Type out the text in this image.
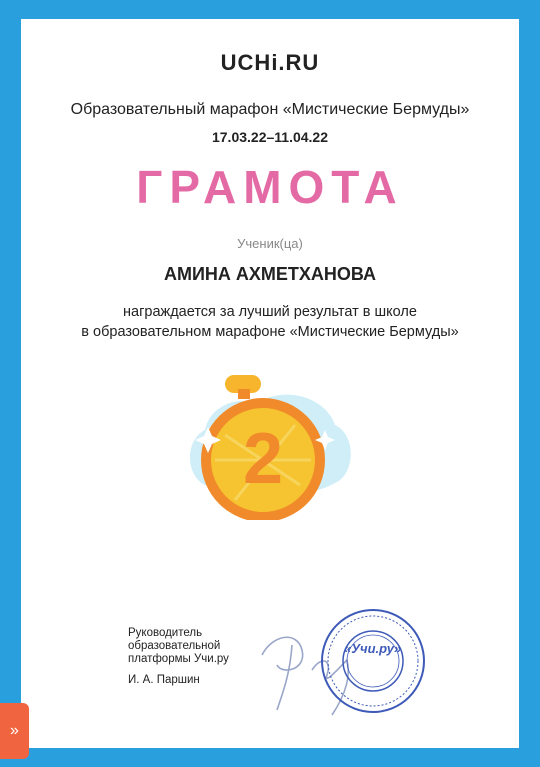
UCHi.RU
Образовательный марафон «Мистические Бермуды»
17.03.22–11.04.22
ГРАМОТА
Ученик(ца)
АМИНА АХМЕТХАНОВА
награждается за лучший результат в школе
в образовательном марафоне «Мистические Бермуды»
2
Руководитель
образовательной
платформы Учи.ру
И. А. Паршин
«Учи.ру»
»
